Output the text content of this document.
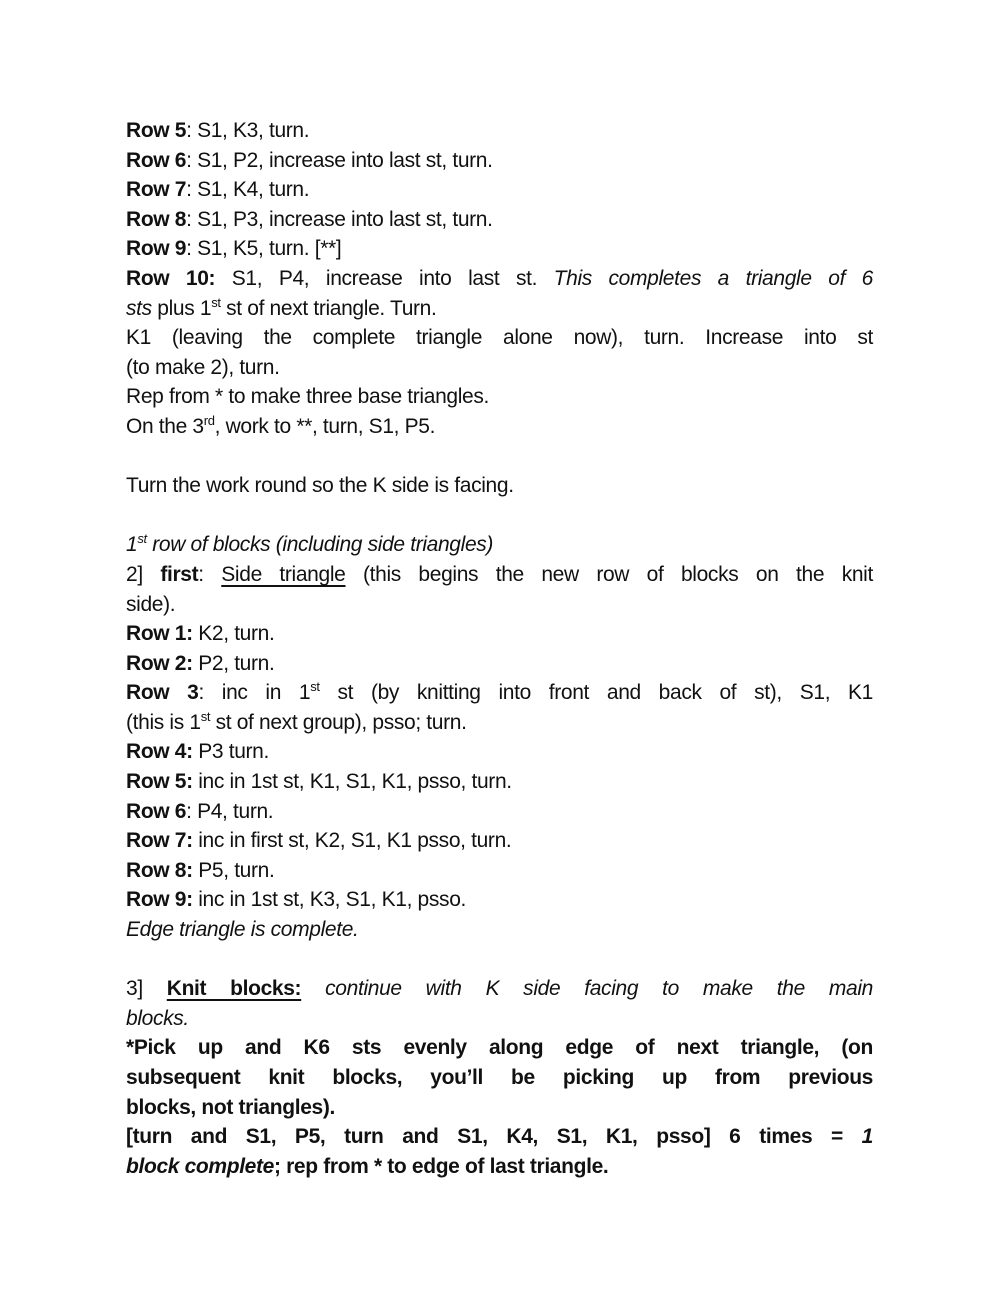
Row 5: S1, K3, turn.
Row 6: S1, P2, increase into last st, turn.
Row 7: S1, K4, turn.
Row 8: S1, P3, increase into last st, turn.
Row 9: S1, K5, turn. [**]
Row 10: S1, P4, increase into last st. This completes a triangle of 6
sts plus 1st st of next triangle. Turn.
K1 (leaving the complete triangle alone now), turn. Increase into st
(to make 2), turn.
Rep from * to make three base triangles.
On the 3rd, work to **, turn, S1, P5.
Turn the work round so the K side is facing.
1st row of blocks (including side triangles)
2] first: Side triangle (this begins the new row of blocks on the knit
side).
Row 1: K2, turn.
Row 2: P2, turn.
Row 3: inc in 1st st (by knitting into front and back of st), S1, K1
(this is 1st st of next group), psso; turn.
Row 4: P3 turn.
Row 5: inc in 1st st, K1, S1, K1, psso, turn.
Row 6: P4, turn.
Row 7: inc in first st, K2, S1, K1 psso, turn.
Row 8: P5, turn.
Row 9: inc in 1st st, K3, S1, K1, psso.
Edge triangle is complete.
3] Knit blocks: continue with K side facing to make the main
blocks.
*Pick up and K6 sts evenly along edge of next triangle, (on
subsequent knit blocks, you’ll be picking up from previous
blocks, not triangles).
[turn and S1, P5, turn and S1, K4, S1, K1, psso] 6 times = 1
block complete; rep from * to edge of last triangle.
